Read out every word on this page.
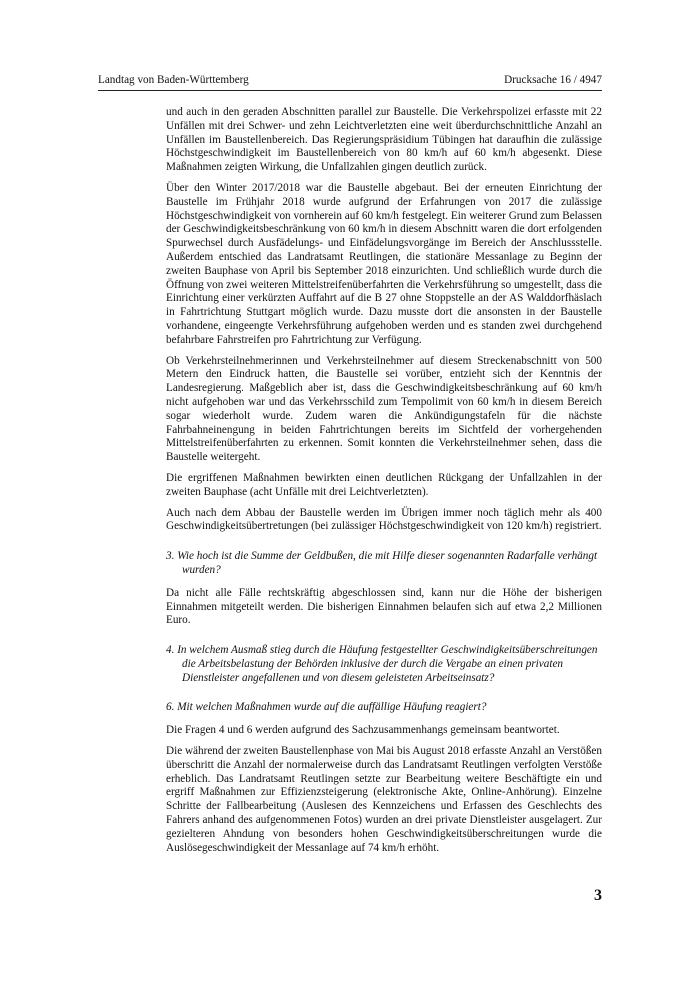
Landtag von Baden-Württemberg	Drucksache 16 / 4947

und auch in den geraden Abschnitten parallel zur Baustelle. Die Verkehrspolizei erfasste mit 22 Unfällen mit drei Schwer- und zehn Leichtverletzten eine weit überdurchschnittliche Anzahl an Unfällen im Baustellenbereich. Das Regierungspräsidium Tübingen hat daraufhin die zulässige Höchstgeschwindigkeit im Baustellenbereich von 80 km/h auf 60 km/h abgesenkt. Diese Maßnahmen zeigten Wirkung, die Unfallzahlen gingen deutlich zurück.

Über den Winter 2017/2018 war die Baustelle abgebaut. Bei der erneuten Einrichtung der Baustelle im Frühjahr 2018 wurde aufgrund der Erfahrungen von 2017 die zulässige Höchstgeschwindigkeit von vornherein auf 60 km/h festgelegt. Ein weiterer Grund zum Belassen der Geschwindigkeitsbeschränkung von 60 km/h in diesem Abschnitt waren die dort erfolgenden Spurwechsel durch Ausfädelungs- und Einfädelungsvorgänge im Bereich der Anschlussstelle. Außerdem entschied das Landratsamt Reutlingen, die stationäre Messanlage zu Beginn der zweiten Bauphase von April bis September 2018 einzurichten. Und schließlich wurde durch die Öffnung von zwei weiteren Mittelstreifenüberfahrten die Verkehrsführung so umgestellt, dass die Einrichtung einer verkürzten Auffahrt auf die B 27 ohne Stoppstelle an der AS Walddorfhäslach in Fahrtrichtung Stuttgart möglich wurde. Dazu musste dort die ansonsten in der Baustelle vorhandene, eingeengte Verkehrsführung aufgehoben werden und es standen zwei durchgehend befahrbare Fahrstreifen pro Fahrtrichtung zur Verfügung.

Ob Verkehrsteilnehmerinnen und Verkehrsteilnehmer auf diesem Streckenabschnitt von 500 Metern den Eindruck hatten, die Baustelle sei vorüber, entzieht sich der Kenntnis der Landesregierung. Maßgeblich aber ist, dass die Geschwindigkeitsbeschränkung auf 60 km/h nicht aufgehoben war und das Verkehrsschild zum Tempolimit von 60 km/h in diesem Bereich sogar wiederholt wurde. Zudem waren die Ankündigungstafeln für die nächste Fahrbahneinengung in beiden Fahrtrichtungen bereits im Sichtfeld der vorhergehenden Mittelstreifenüberfahrten zu erkennen. Somit konnten die Verkehrsteilnehmer sehen, dass die Baustelle weitergeht.

Die ergriffenen Maßnahmen bewirkten einen deutlichen Rückgang der Unfallzahlen in der zweiten Bauphase (acht Unfälle mit drei Leichtverletzten).

Auch nach dem Abbau der Baustelle werden im Übrigen immer noch täglich mehr als 400 Geschwindigkeitsübertretungen (bei zulässiger Höchstgeschwindigkeit von 120 km/h) registriert.

3. Wie hoch ist die Summe der Geldbußen, die mit Hilfe dieser sogenannten Radarfalle verhängt wurden?

Da nicht alle Fälle rechtskräftig abgeschlossen sind, kann nur die Höhe der bisherigen Einnahmen mitgeteilt werden. Die bisherigen Einnahmen belaufen sich auf etwa 2,2 Millionen Euro.

4. In welchem Ausmaß stieg durch die Häufung festgestellter Geschwindigkeitsüberschreitungen die Arbeitsbelastung der Behörden inklusive der durch die Vergabe an einen privaten Dienstleister angefallenen und von diesem geleisteten Arbeitseinsatz?

6. Mit welchen Maßnahmen wurde auf die auffällige Häufung reagiert?

Die Fragen 4 und 6 werden aufgrund des Sachzusammenhangs gemeinsam beantwortet.

Die während der zweiten Baustellenphase von Mai bis August 2018 erfasste Anzahl an Verstößen überschritt die Anzahl der normalerweise durch das Landratsamt Reutlingen verfolgten Verstöße erheblich. Das Landratsamt Reutlingen setzte zur Bearbeitung weitere Beschäftigte ein und ergriff Maßnahmen zur Effizienzsteigerung (elektronische Akte, Online-Anhörung). Einzelne Schritte der Fallbearbeitung (Auslesen des Kennzeichens und Erfassen des Geschlechts des Fahrers anhand des aufgenommenen Fotos) wurden an drei private Dienstleister ausgelagert. Zur gezielteren Ahndung von besonders hohen Geschwindigkeitsüberschreitungen wurde die Auslösegeschwindigkeit der Messanlage auf 74 km/h erhöht.

3
